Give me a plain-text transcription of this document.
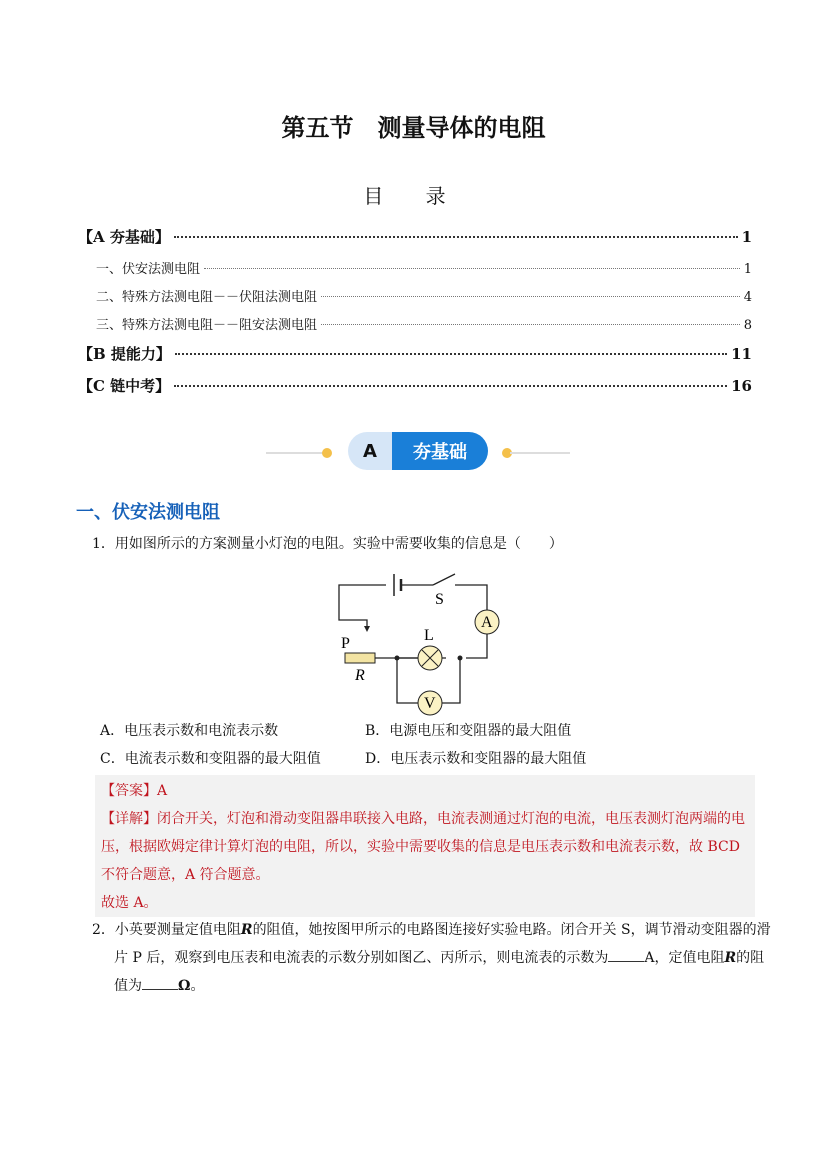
第五节　测量导体的电阻
目 录
【A 夯基础】	1
一、伏安法测电阻	1
二、特殊方法测电阻－－伏阻法测电阻	4
三、特殊方法测电阻－－阻安法测电阻	8
【B 提能力】	11
【C 链中考】	16
A	夯基础
一、伏安法测电阻
1．用如图所示的方案测量小灯泡的电阻。实验中需要收集的信息是（　　）
S
A
P	L
R
V
A．电压表示数和电流表示数	B．电源电压和变阻器的最大阻值
C．电流表示数和变阻器的最大阻值	D．电压表示数和变阻器的最大阻值
【答案】A
【详解】闭合开关，灯泡和滑动变阻器串联接入电路，电流表测通过灯泡的电流，电压表测灯泡两端的电压，根据欧姆定律计算灯泡的电阻，所以，实验中需要收集的信息是电压表示数和电流表示数，故 BCD 不符合题意，A 符合题意。
故选 A。
2．小英要测量定值电阻R的阻值，她按图甲所示的电路图连接好实验电路。闭合开关 S，调节滑动变阻器的滑片 P 后，观察到电压表和电流表的示数分别如图乙、丙所示，则电流表的示数为	A，定值电阻R的阻值为	Ω。
